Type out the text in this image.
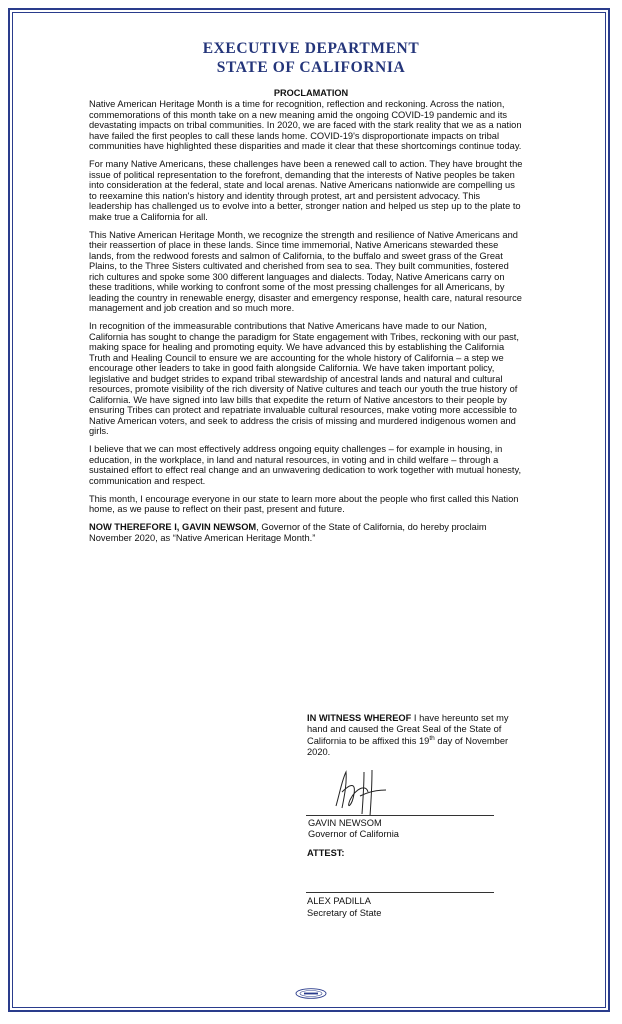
EXECUTIVE DEPARTMENT
STATE OF CALIFORNIA
PROCLAMATION

Native American Heritage Month is a time for recognition, reflection and reckoning. Across the nation, commemorations of this month take on a new meaning amid the ongoing COVID-19 pandemic and its devastating impacts on tribal communities. In 2020, we are faced with the stark reality that we as a nation have failed the first peoples to call these lands home. COVID-19's disproportionate impacts on tribal communities have highlighted these disparities and made it clear that these shortcomings continue today.

For many Native Americans, these challenges have been a renewed call to action. They have brought the issue of political representation to the forefront, demanding that the interests of Native peoples be taken into consideration at the federal, state and local arenas. Native Americans nationwide are compelling us to reexamine this nation's history and identity through protest, art and persistent advocacy. This leadership has challenged us to evolve into a better, stronger nation and helped us step up to the plate to make true a California for all.

This Native American Heritage Month, we recognize the strength and resilience of Native Americans and their reassertion of place in these lands. Since time immemorial, Native Americans stewarded these lands, from the redwood forests and salmon of California, to the buffalo and sweet grass of the Great Plains, to the Three Sisters cultivated and cherished from sea to sea. They built communities, fostered rich cultures and spoke some 300 different languages and dialects. Today, Native Americans carry on these traditions, while working to confront some of the most pressing challenges for all Americans, by leading the country in renewable energy, disaster and emergency response, health care, natural resource management and job creation and so much more.

In recognition of the immeasurable contributions that Native Americans have made to our Nation, California has sought to change the paradigm for State engagement with Tribes, reckoning with our past, making space for healing and promoting equity. We have advanced this by establishing the California Truth and Healing Council to ensure we are accounting for the whole history of California – a step we encourage other leaders to take in good faith alongside California. We have taken important policy, legislative and budget strides to expand tribal stewardship of ancestral lands and natural and cultural resources, promote visibility of the rich diversity of Native cultures and teach our youth the true history of California. We have signed into law bills that expedite the return of Native ancestors to their people by ensuring Tribes can protect and repatriate invaluable cultural resources, make voting more accessible to Native American voters, and seek to address the crisis of missing and murdered indigenous women and girls.

I believe that we can most effectively address ongoing equity challenges – for example in housing, in education, in the workplace, in land and natural resources, in voting and in child welfare – through a sustained effort to effect real change and an unwavering dedication to work together with mutual honesty, communication and respect.

This month, I encourage everyone in our state to learn more about the people who first called this Nation home, as we pause to reflect on their past, present and future.

NOW THEREFORE I, GAVIN NEWSOM, Governor of the State of California, do hereby proclaim November 2020, as “Native American Heritage Month.”

IN WITNESS WHEREOF I have hereunto set my hand and caused the Great Seal of the State of California to be affixed this 19th day of November 2020.
GAVIN NEWSOM
Governor of California
ATTEST:
ALEX PADILLA
Secretary of State
